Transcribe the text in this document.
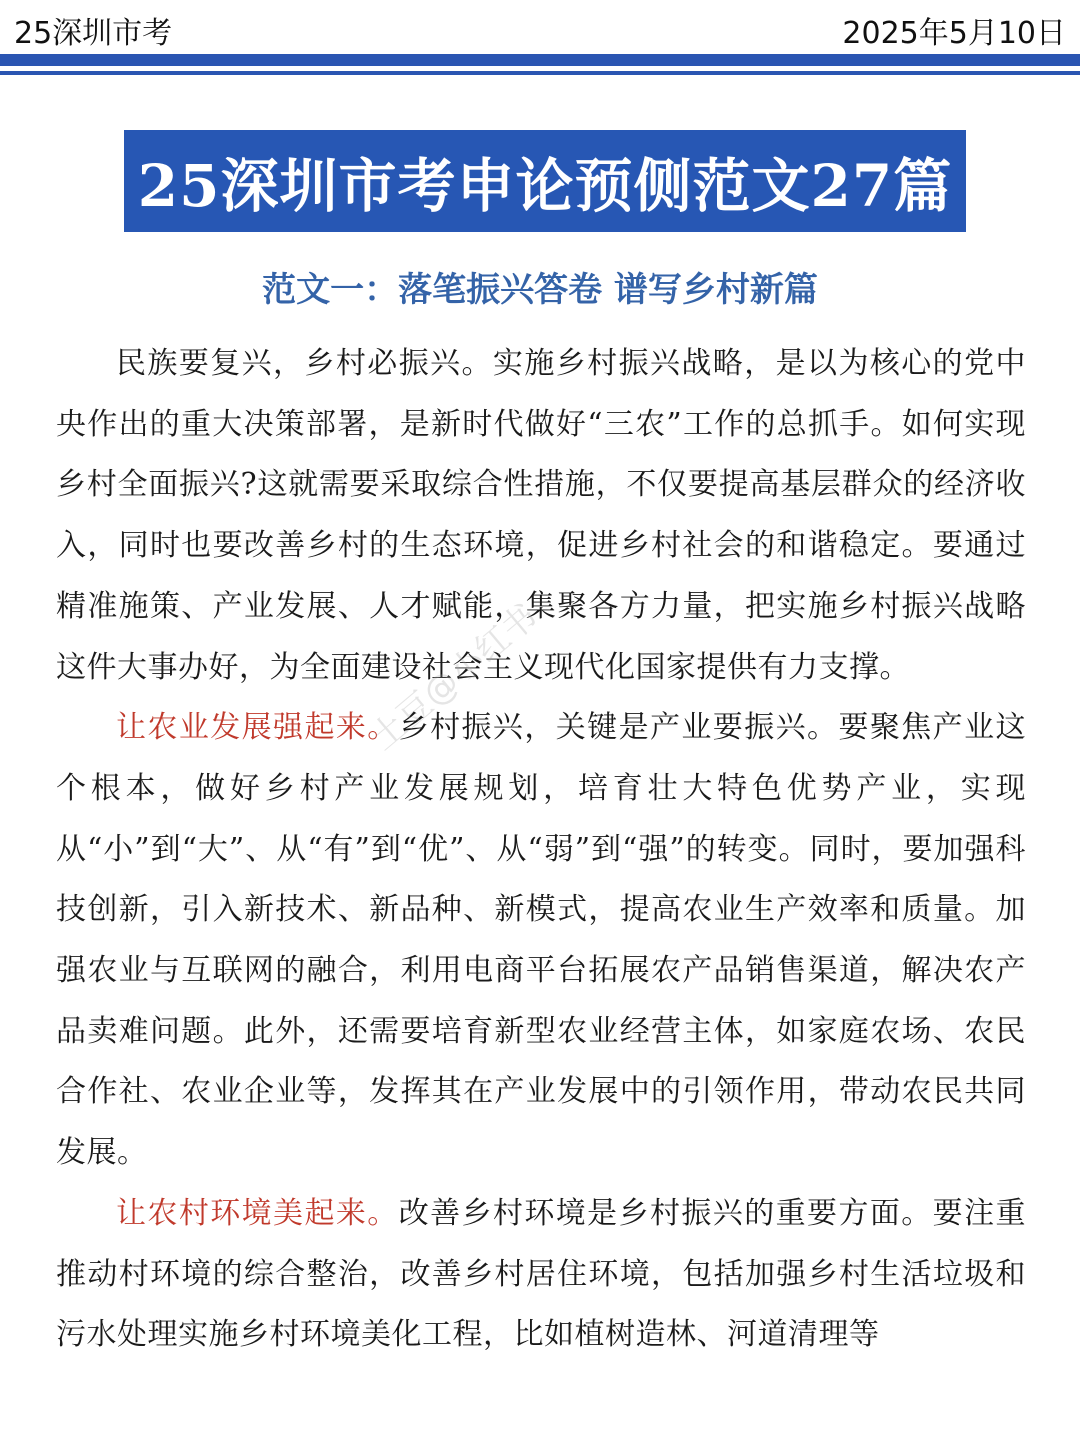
25深圳市考	2025年5月10日
25深圳市考申论预侧范文27篇
范文一：落笔振兴答卷 谱写乡村新篇

民族要复兴，乡村必振兴。实施乡村振兴战略，是以为核心的党中央作出的重大决策部署，是新时代做好“三农”工作的总抓手。如何实现乡村全面振兴?这就需要采取综合性措施，不仅要提高基层群众的经济收入，同时也要改善乡村的生态环境，促进乡村社会的和谐稳定。要通过精准施策、产业发展、人才赋能，集聚各方力量，把实施乡村振兴战略这件大事办好，为全面建设社会主义现代化国家提供有力支撑。

让农业发展强起来。乡村振兴，关键是产业要振兴。要聚焦产业这个根本，做好乡村产业发展规划，培育壮大特色优势产业，实现从“小”到“大”、从“有”到“优”、从“弱”到“强”的转变。同时，要加强科技创新，引入新技术、新品种、新模式，提高农业生产效率和质量。加强农业与互联网的融合，利用电商平台拓展农产品销售渠道，解决农产品卖难问题。此外，还需要培育新型农业经营主体，如家庭农场、农民合作社、农业企业等，发挥其在产业发展中的引领作用，带动农民共同发展。

让农村环境美起来。改善乡村环境是乡村振兴的重要方面。要注重推动村环境的综合整治，改善乡村居住环境，包括加强乡村生活垃圾和污水处理实施乡村环境美化工程，比如植树造林、河道清理等

土豆@小红书
